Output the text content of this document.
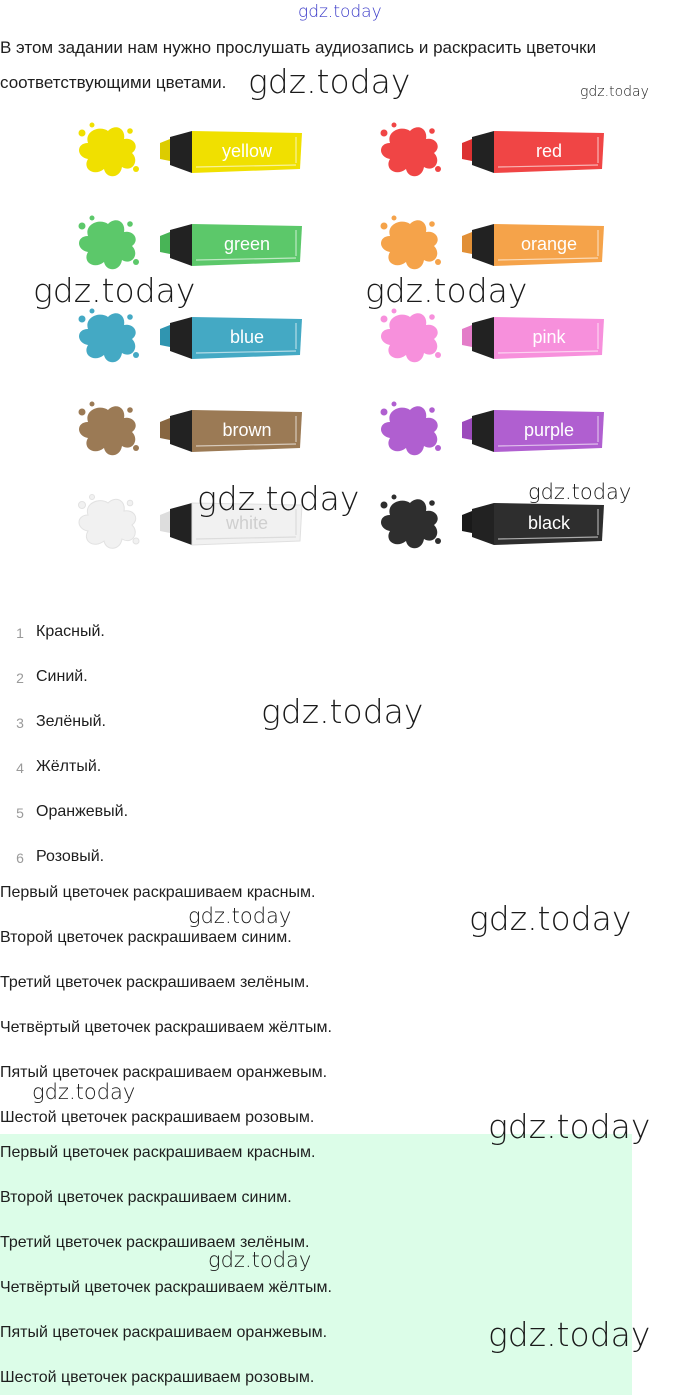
gdz.today
В этом задании нам нужно прослушать аудиозапись и раскрасить цветочки соответствующими цветами.
yellow	red
green	orange
blue	pink
brown	purple
white	black
1 Красный.
2 Синий.
3 Зелёный.
4 Жёлтый.
5 Оранжевый.
6 Розовый.
Первый цветочек раскрашиваем красным.
Второй цветочек раскрашиваем синим.
Третий цветочек раскрашиваем зелёным.
Четвёртый цветочек раскрашиваем жёлтым.
Пятый цветочек раскрашиваем оранжевым.
Шестой цветочек раскрашиваем розовым.
Первый цветочек раскрашиваем красным.
Второй цветочек раскрашиваем синим.
Третий цветочек раскрашиваем зелёным.
Четвёртый цветочек раскрашиваем жёлтым.
Пятый цветочек раскрашиваем оранжевым.
Шестой цветочек раскрашиваем розовым.
gdz.today	gdz.today
gdz.today	gdz.today
gdz.today	gdz.today
gdz.today
gdz.today	gdz.today
gdz.today
gdz.today
gdz.today
gdz.today
